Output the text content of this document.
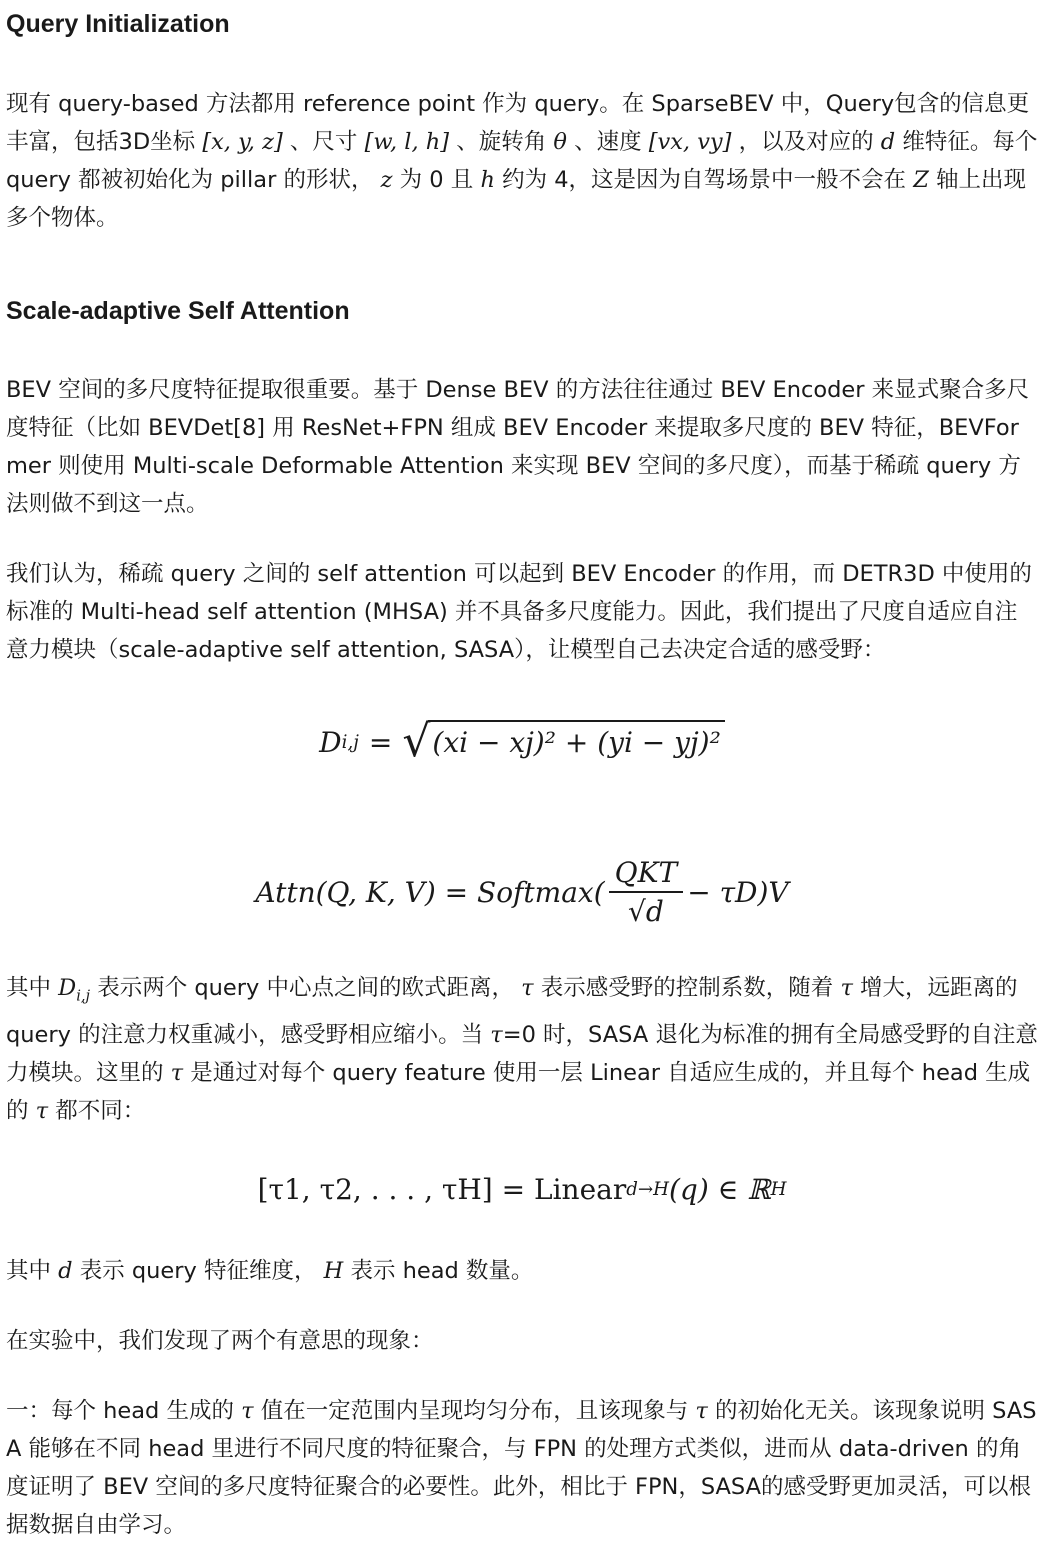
Query Initialization

现有 query-based 方法都用 reference point 作为 query。在 SparseBEV 中，Query包含的信息更丰富，包括3D坐标 [x, y, z] 、尺寸 [w, l, h] 、旋转角 θ 、速度 [vx, vy] ，以及对应的 d 维特征。每个 query 都被初始化为 pillar 的形状， z 为 0 且 h 约为 4，这是因为自驾场景中一般不会在 Z 轴上出现多个物体。

Scale-adaptive Self Attention

BEV 空间的多尺度特征提取很重要。基于 Dense BEV 的方法往往通过 BEV Encoder 来显式聚合多尺度特征（比如 BEVDet[8] 用 ResNet+FPN 组成 BEV Encoder 来提取多尺度的 BEV 特征，BEVFormer 则使用 Multi-scale Deformable Attention 来实现 BEV 空间的多尺度），而基于稀疏 query 方法则做不到这一点。

我们认为，稀疏 query 之间的 self attention 可以起到 BEV Encoder 的作用，而 DETR3D 中使用的标准的 Multi-head self attention (MHSA) 并不具备多尺度能力。因此，我们提出了尺度自适应自注意力模块（scale-adaptive self attention, SASA），让模型自己去决定合适的感受野：

D i,j = √ (xi − xj)² + (yi − yj)²
Attn(Q, K, V) = Softmax( $\frac{\text{QKT}}{√d} - \tau D)V$

其中 $D_{i,j}$ 表示两个 query 中心点之间的欧式距离， τ 表示感受野的控制系数，随着 τ 增大，远距离的 query 的注意力权重减小，感受野相应缩小。当 τ=0 时，SASA 退化为标准的拥有全局感受野的自注意力模块。这里的 τ 是通过对每个 query feature 使用一层 Linear 自适应生成的，并且每个 head 生成的 τ 都不同：

[τ1, τ2, . . . , τH] = Linear d→H (q) ∈ ℝ H

其中 d 表示 query 特征维度， H 表示 head 数量。

在实验中，我们发现了两个有意思的现象：

一：每个 head 生成的 τ 值在一定范围内呈现均匀分布，且该现象与 τ 的初始化无关。该现象说明 SASA 能够在不同 head 里进行不同尺度的特征聚合，与 FPN 的处理方式类似，进而从 data-driven 的角度证明了 BEV 空间的多尺度特征聚合的必要性。此外，相比于 FPN，SASA的感受野更加灵活，可以根据数据自由学习。
